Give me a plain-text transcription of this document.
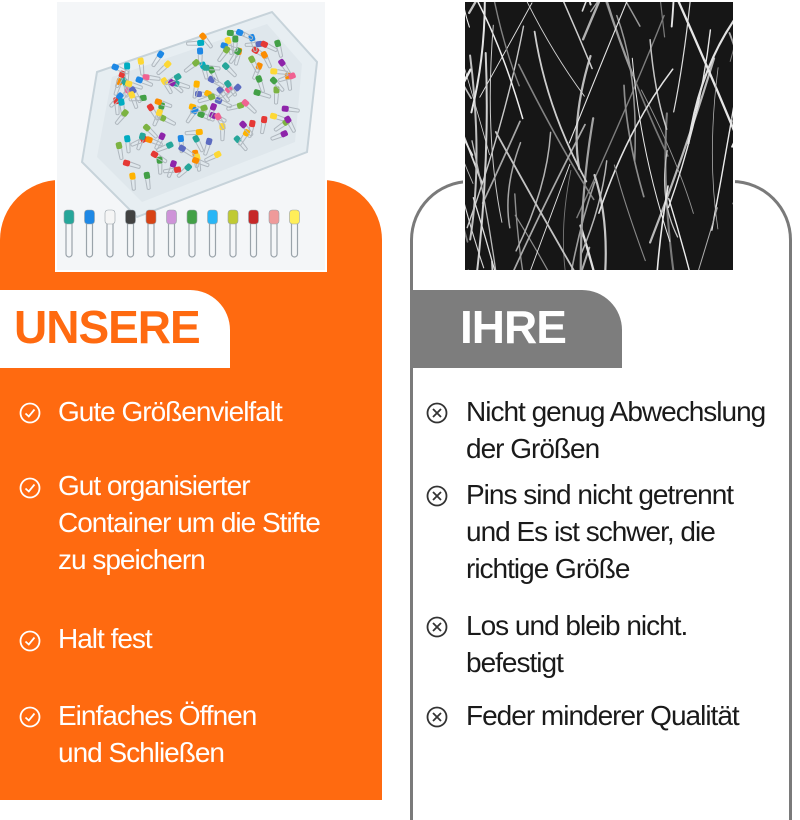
UNSERE
Gute Größenvielfalt
Gut organisierter
Container um die Stifte
zu speichern
Halt fest
Einfaches Öffnen
und Schließen
IHRE
Nicht genug Abwechslung
der Größen
Pins sind nicht getrennt
und Es ist schwer, die
richtige Größe
Los und bleib nicht.
befestigt
Feder minderer Qualität
